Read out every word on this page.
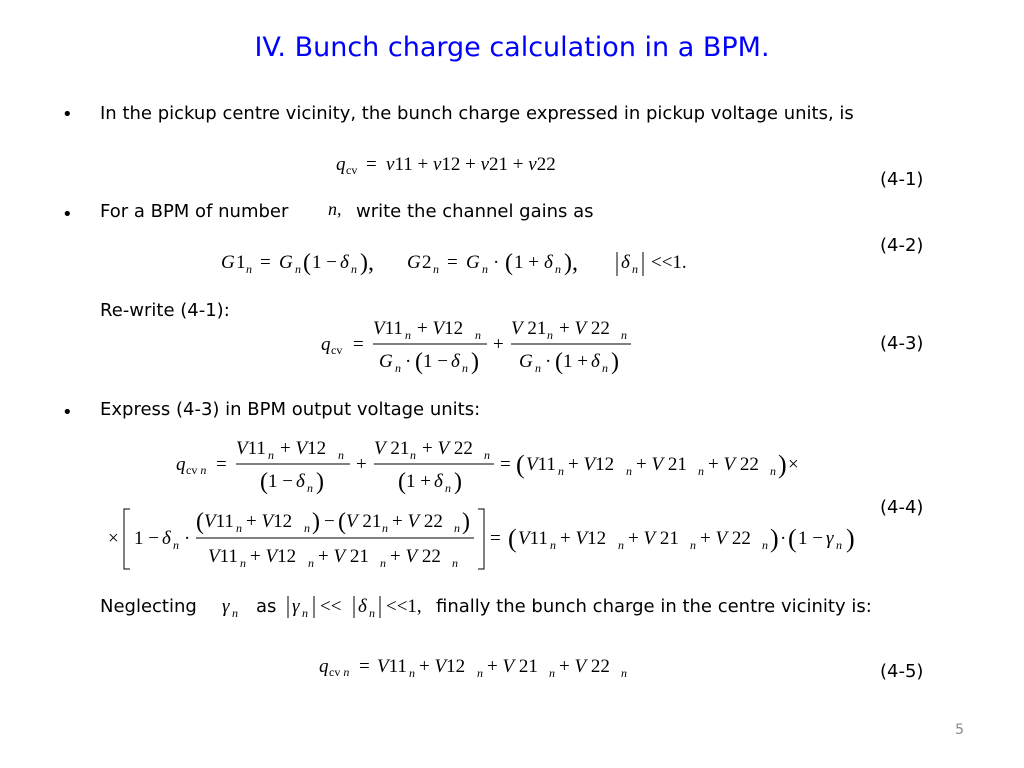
IV. Bunch charge calculation in a BPM.
• In the pickup centre vicinity, the bunch charge expressed in pickup voltage units, is
q cv = v11 + v12 + v21 + v22
(4-1)
• For a BPM of number n, write the channel gains as
(4-2)
G 1 n = G n ( 1 − δ n ), G 2 n = G n · ( 1 + δ n ), δ n <<1.
Re-write (4-1):
q cv =
V11 n + V12 n
G n · ( 1 − δ n )
+
V 21 n + V 22 n
G n · ( 1 + δ n )
(4-3)
• Express (4-3) in BPM output voltage units:
q cv n =
V11 n + V12 n
( 1 − δ n )
+
V 21 n + V 22 n
( 1 + δ n )
= ( V11 n + V12 n + V 21 n + V 22 n ) ×
(4-4)
× 1 − δ n ·
( V11 n + V12 n ) − ( V 21 n + V 22 n )
V11 n + V12 n + V 21 n + V 22 n
= ( V11 n + V12 n + V 21 n + V 22 n ) · ( 1 − γ n )
Neglecting γ n as γ n << δ n <<1, finally the bunch charge in the centre vicinity is:
q cv n = V11 n + V12 n + V 21 n + V 22 n	(4-5)
5
